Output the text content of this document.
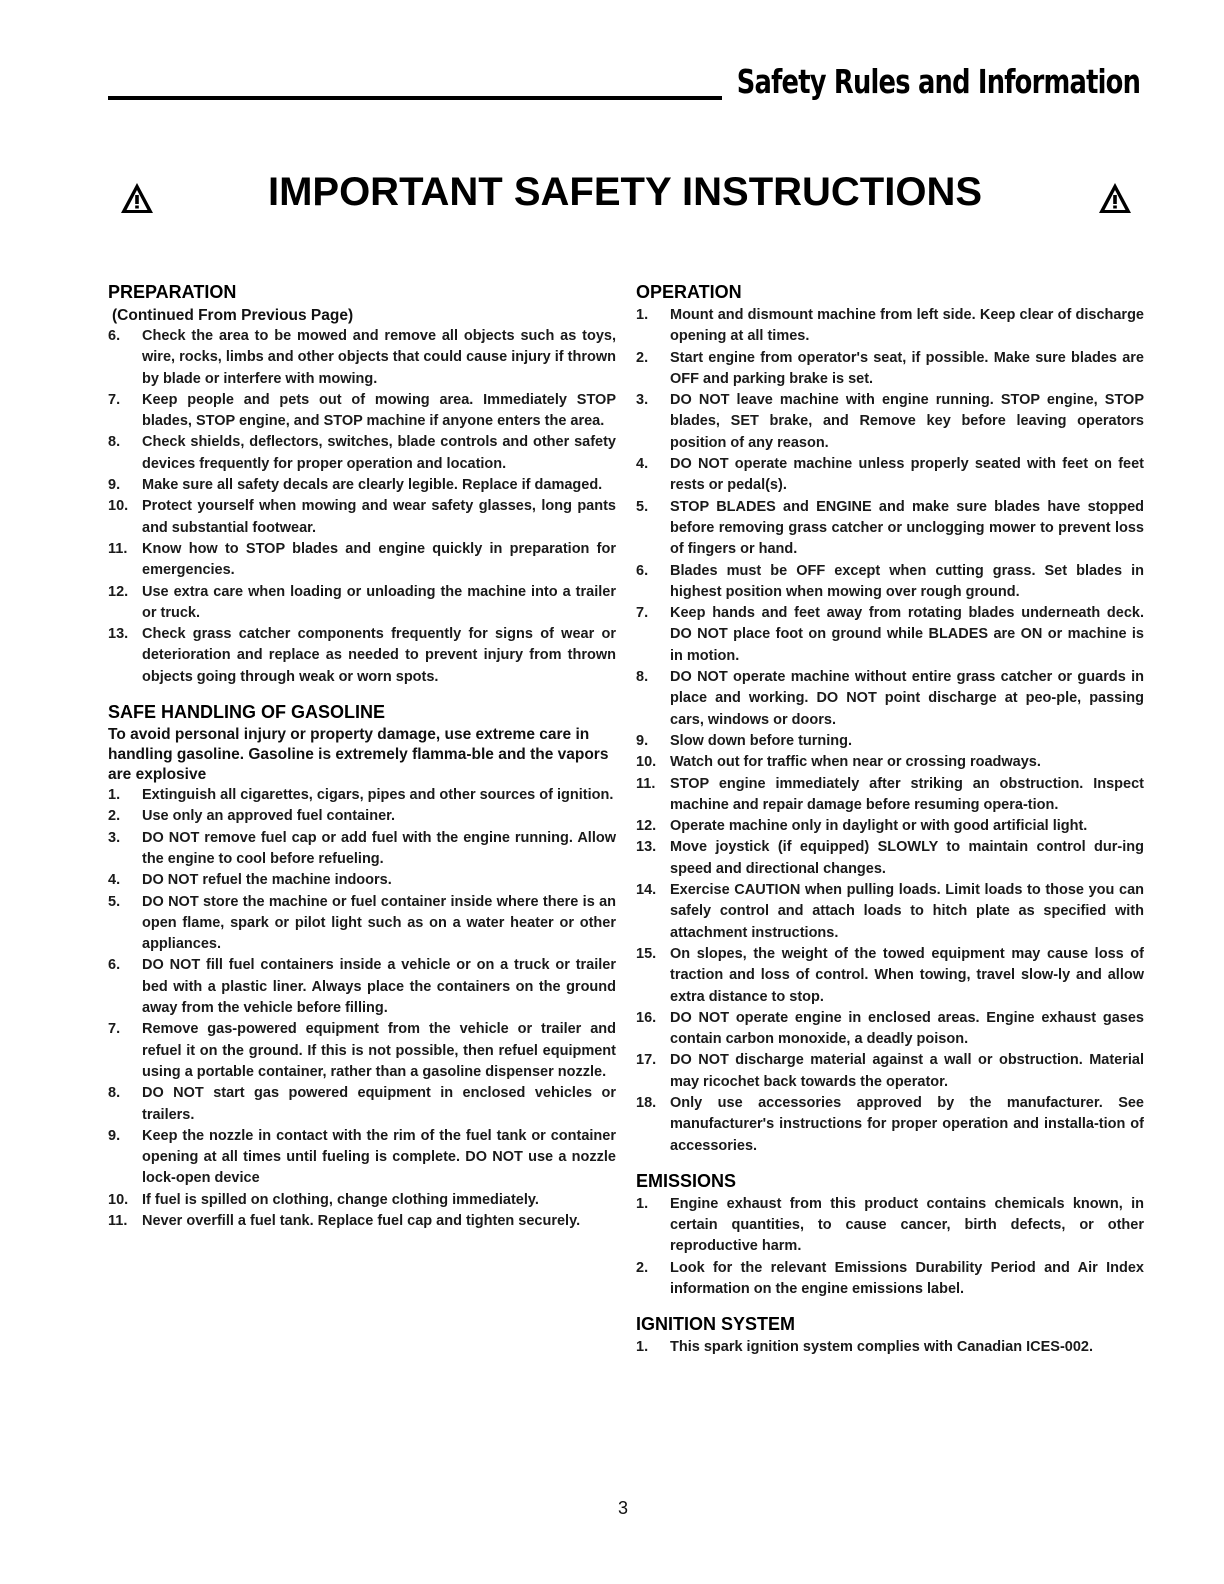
Safety Rules and Information
IMPORTANT SAFETY INSTRUCTIONS
PREPARATION
(Continued From Previous Page)
6. Check the area to be mowed and remove all objects such as toys, wire, rocks, limbs and other objects that could cause injury if thrown by blade or interfere with mowing.
7. Keep people and pets out of mowing area. Immediately STOP blades, STOP engine, and STOP machine if anyone enters the area.
8. Check shields, deflectors, switches, blade controls and other safety devices frequently for proper operation and location.
9. Make sure all safety decals are clearly legible. Replace if damaged.
10. Protect yourself when mowing and wear safety glasses, long pants and substantial footwear.
11. Know how to STOP blades and engine quickly in preparation for emergencies.
12. Use extra care when loading or unloading the machine into a trailer or truck.
13. Check grass catcher components frequently for signs of wear or deterioration and replace as needed to prevent injury from thrown objects going through weak or worn spots.
SAFE HANDLING OF GASOLINE
To avoid personal injury or property damage, use extreme care in handling gasoline. Gasoline is extremely flamma-ble and the vapors are explosive
1. Extinguish all cigarettes, cigars, pipes and other sources of ignition.
2. Use only an approved fuel container.
3. DO NOT remove fuel cap or add fuel with the engine running. Allow the engine to cool before refueling.
4. DO NOT refuel the machine indoors.
5. DO NOT store the machine or fuel container inside where there is an open flame, spark or pilot light such as on a water heater or other appliances.
6. DO NOT fill fuel containers inside a vehicle or on a truck or trailer bed with a plastic liner. Always place the containers on the ground away from the vehicle before filling.
7. Remove gas-powered equipment from the vehicle or trailer and refuel it on the ground. If this is not possible, then refuel equipment using a portable container, rather than a gasoline dispenser nozzle.
8. DO NOT start gas powered equipment in enclosed vehicles or trailers.
9. Keep the nozzle in contact with the rim of the fuel tank or container opening at all times until fueling is complete. DO NOT use a nozzle lock-open device
10. If fuel is spilled on clothing, change clothing immediately.
11. Never overfill a fuel tank. Replace fuel cap and tighten securely.
OPERATION
1. Mount and dismount machine from left side. Keep clear of discharge opening at all times.
2. Start engine from operator's seat, if possible. Make sure blades are OFF and parking brake is set.
3. DO NOT leave machine with engine running. STOP engine, STOP blades, SET brake, and Remove key before leaving operators position of any reason.
4. DO NOT operate machine unless properly seated with feet on feet rests or pedal(s).
5. STOP BLADES and ENGINE and make sure blades have stopped before removing grass catcher or unclogging mower to prevent loss of fingers or hand.
6. Blades must be OFF except when cutting grass. Set blades in highest position when mowing over rough ground.
7. Keep hands and feet away from rotating blades underneath deck. DO NOT place foot on ground while BLADES are ON or machine is in motion.
8. DO NOT operate machine without entire grass catcher or guards in place and working. DO NOT point discharge at peo-ple, passing cars, windows or doors.
9. Slow down before turning.
10. Watch out for traffic when near or crossing roadways.
11. STOP engine immediately after striking an obstruction. Inspect machine and repair damage before resuming opera-tion.
12. Operate machine only in daylight or with good artificial light.
13. Move joystick (if equipped) SLOWLY to maintain control dur-ing speed and directional changes.
14. Exercise CAUTION when pulling loads. Limit loads to those you can safely control and attach loads to hitch plate as specified with attachment instructions.
15. On slopes, the weight of the towed equipment may cause loss of traction and loss of control. When towing, travel slow-ly and allow extra distance to stop.
16. DO NOT operate engine in enclosed areas. Engine exhaust gases contain carbon monoxide, a deadly poison.
17. DO NOT discharge material against a wall or obstruction. Material may ricochet back towards the operator.
18. Only use accessories approved by the manufacturer. See manufacturer's instructions for proper operation and installa-tion of accessories.
EMISSIONS
1. Engine exhaust from this product contains chemicals known, in certain quantities, to cause cancer, birth defects, or other reproductive harm.
2. Look for the relevant Emissions Durability Period and Air Index information on the engine emissions label.
IGNITION SYSTEM
1. This spark ignition system complies with Canadian ICES-002.
3
